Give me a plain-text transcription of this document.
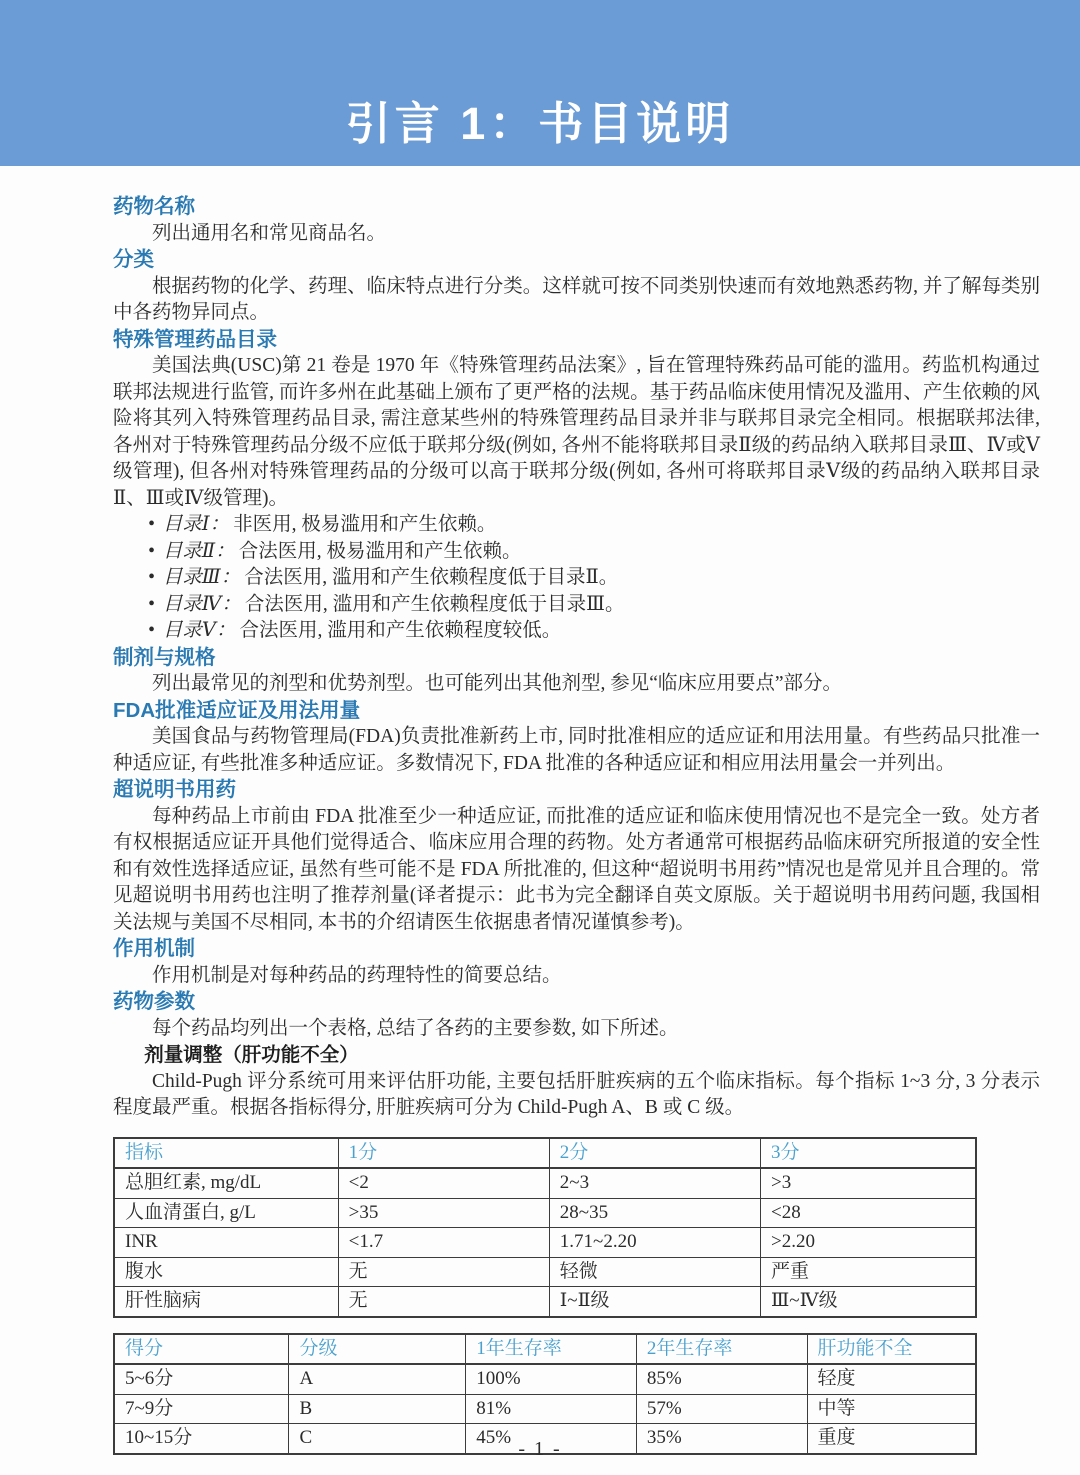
引言 1：书目说明
药物名称

列出通用名和常见商品名。

分类

根据药物的化学、药理、临床特点进行分类。这样就可按不同类别快速而有效地熟悉药物, 并了解每类别中各药物异同点。

特殊管理药品目录

美国法典(USC)第 21 卷是 1970 年《特殊管理药品法案》, 旨在管理特殊药品可能的滥用。药监机构通过联邦法规进行监管, 而许多州在此基础上颁布了更严格的法规。基于药品临床使用情况及滥用、产生依赖的风险将其列入特殊管理药品目录, 需注意某些州的特殊管理药品目录并非与联邦目录完全相同。根据联邦法律, 各州对于特殊管理药品分级不应低于联邦分级(例如, 各州不能将联邦目录Ⅱ级的药品纳入联邦目录Ⅲ、Ⅳ或Ⅴ级管理), 但各州对特殊管理药品的分级可以高于联邦分级(例如, 各州可将联邦目录Ⅴ级的药品纳入联邦目录Ⅱ、Ⅲ或Ⅳ级管理)。

• 目录Ⅰ： 非医用, 极易滥用和产生依赖。
• 目录Ⅱ： 合法医用, 极易滥用和产生依赖。
• 目录Ⅲ： 合法医用, 滥用和产生依赖程度低于目录Ⅱ。
• 目录Ⅳ： 合法医用, 滥用和产生依赖程度低于目录Ⅲ。
• 目录Ⅴ： 合法医用, 滥用和产生依赖程度较低。
制剂与规格

列出最常见的剂型和优势剂型。也可能列出其他剂型, 参见“临床应用要点”部分。

FDA批准适应证及用法用量

美国食品与药物管理局(FDA)负责批准新药上市, 同时批准相应的适应证和用法用量。有些药品只批准一种适应证, 有些批准多种适应证。多数情况下, FDA 批准的各种适应证和相应用法用量会一并列出。

超说明书用药

每种药品上市前由 FDA 批准至少一种适应证, 而批准的适应证和临床使用情况也不是完全一致。处方者有权根据适应证开具他们觉得适合、临床应用合理的药物。处方者通常可根据药品临床研究所报道的安全性和有效性选择适应证, 虽然有些可能不是 FDA 所批准的, 但这种“超说明书用药”情况也是常见并且合理的。常见超说明书用药也注明了推荐剂量(译者提示：此书为完全翻译自英文原版。关于超说明书用药问题, 我国相关法规与美国不尽相同, 本书的介绍请医生依据患者情况谨慎参考)。

作用机制

作用机制是对每种药品的药理特性的简要总结。

药物参数

每个药品均列出一个表格, 总结了各药的主要参数, 如下所述。

剂量调整（肝功能不全）

Child-Pugh 评分系统可用来评估肝功能, 主要包括肝脏疾病的五个临床指标。每个指标 1~3 分, 3 分表示程度最严重。根据各指标得分, 肝脏疾病可分为 Child-Pugh A、B 或 C 级。

指标	1分	2分	3分
总胆红素, mg/dL	<2	2~3	>3
人血清蛋白, g/L	>35	28~35	<28
INR	<1.7	1.71~2.20	>2.20
腹水	无	轻微	严重
肝性脑病	无	Ⅰ~Ⅱ级	Ⅲ~Ⅳ级
得分	分级	1年生存率	2年生存率	肝功能不全
5~6分	A	100%	85%	轻度
7~9分	B	81%	57%	中等
10~15分	C	45%	35%	重度
- 1 -
